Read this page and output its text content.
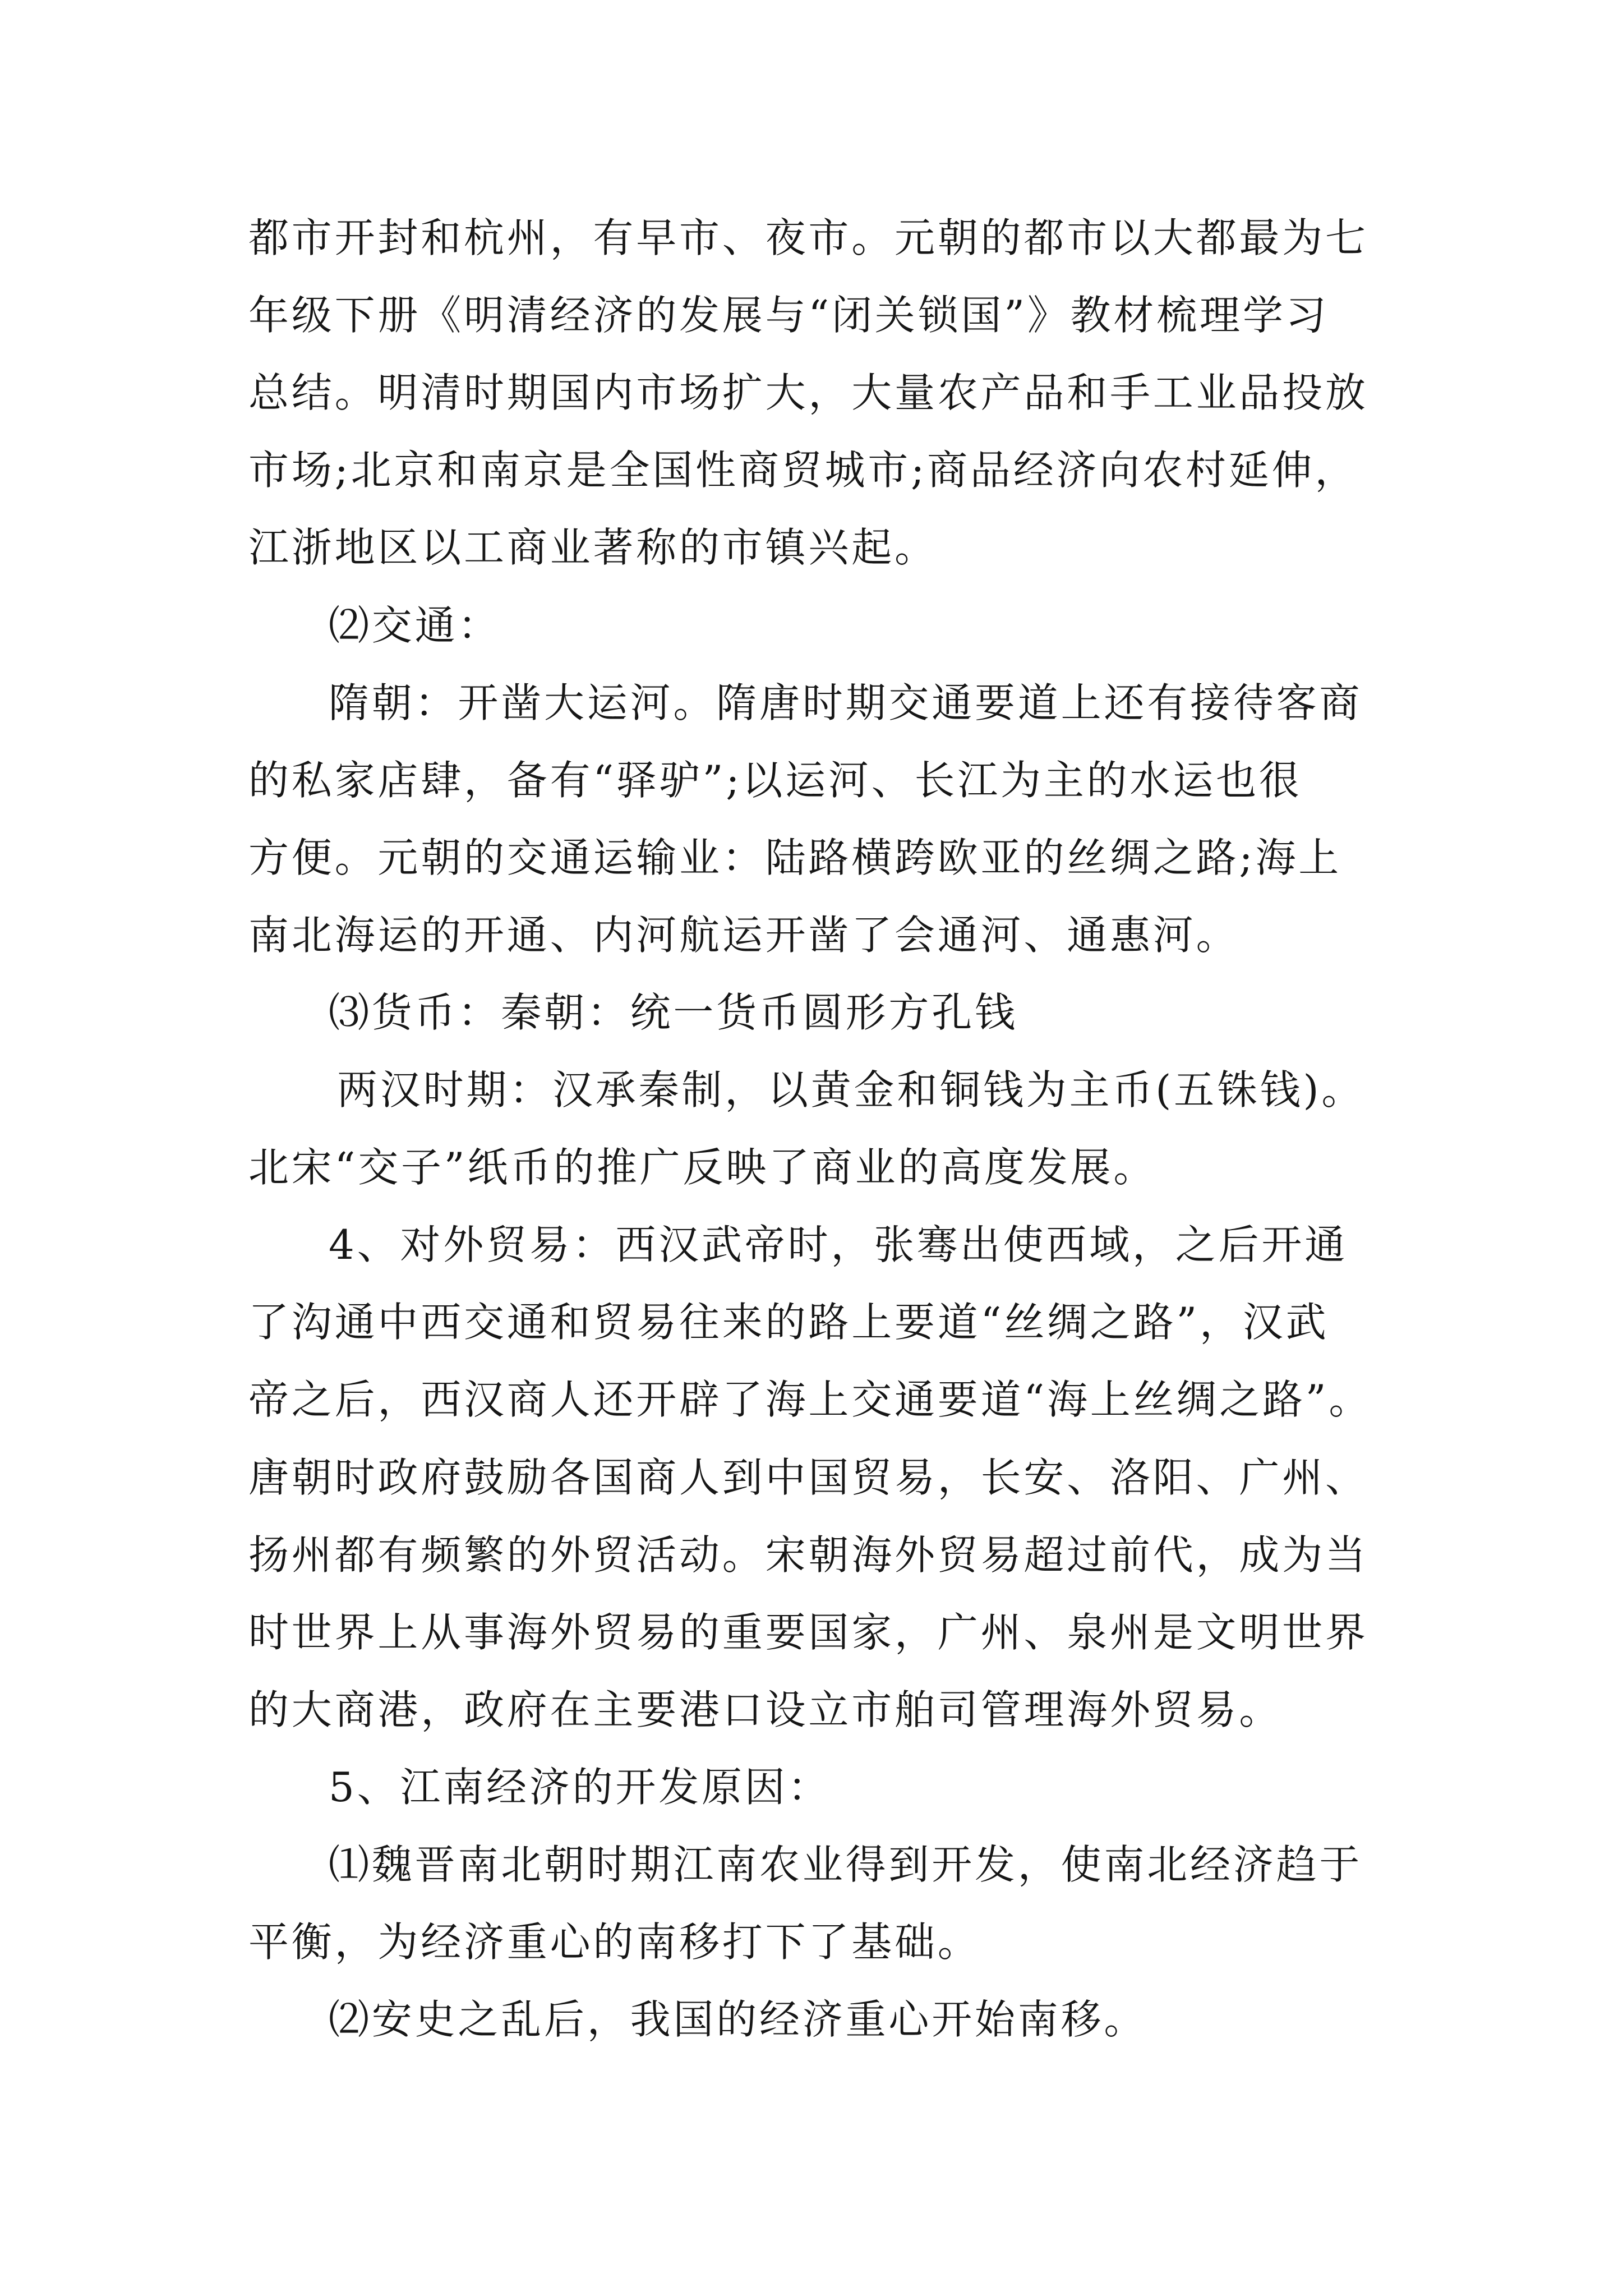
都市开封和杭州，有早市、夜市。元朝的都市以大都最为七
年级下册《明清经济的发展与“闭关锁国”》教材梳理学习
总结。明清时期国内市场扩大，大量农产品和手工业品投放
市场;北京和南京是全国性商贸城市;商品经济向农村延伸，
江浙地区以工商业著称的市镇兴起。
⑵交通：
隋朝：开凿大运河。隋唐时期交通要道上还有接待客商
的私家店肆，备有“驿驴”;以运河、长江为主的水运也很
方便。元朝的交通运输业：陆路横跨欧亚的丝绸之路;海上
南北海运的开通、内河航运开凿了会通河、通惠河。
⑶货币：秦朝：统一货币圆形方孔钱
两汉时期：汉承秦制，以黄金和铜钱为主币(五铢钱)。
北宋“交子”纸币的推广反映了商业的高度发展。
4、对外贸易：西汉武帝时，张骞出使西域，之后开通
了沟通中西交通和贸易往来的路上要道“丝绸之路”，汉武
帝之后，西汉商人还开辟了海上交通要道“海上丝绸之路”。
唐朝时政府鼓励各国商人到中国贸易，长安、洛阳、广州、
扬州都有频繁的外贸活动。宋朝海外贸易超过前代，成为当
时世界上从事海外贸易的重要国家，广州、泉州是文明世界
的大商港，政府在主要港口设立市舶司管理海外贸易。
5、江南经济的开发原因：
⑴魏晋南北朝时期江南农业得到开发，使南北经济趋于
平衡，为经济重心的南移打下了基础。
⑵安史之乱后，我国的经济重心开始南移。
